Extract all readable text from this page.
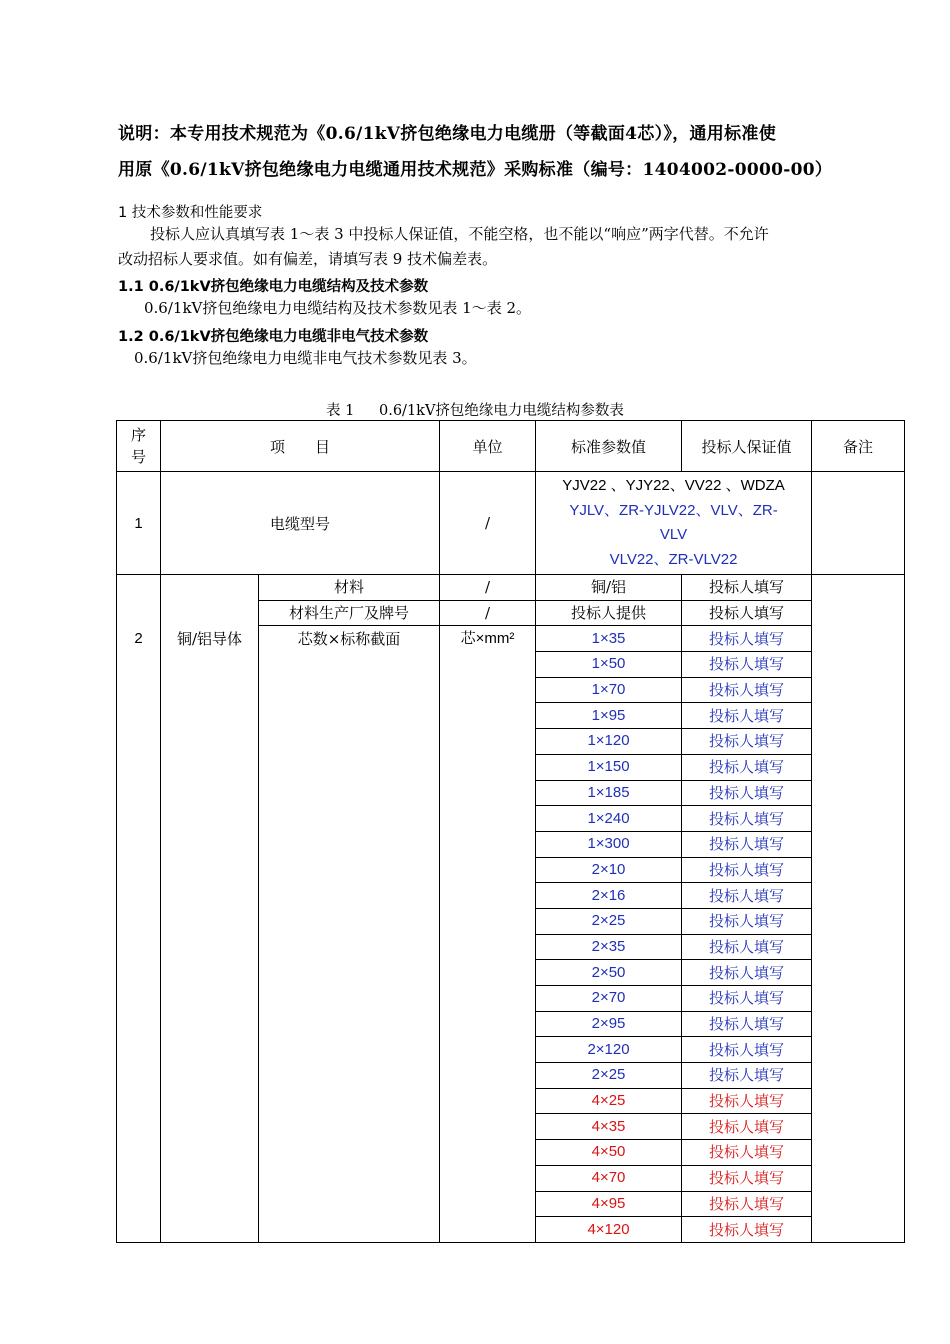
说明：本专用技术规范为《0.6/1kV挤包绝缘电力电缆册（等截面4芯）》，通用标准使
用原《0.6/1kV挤包绝缘电力电缆通用技术规范》采购标准（编号：1404002-0000-00）
1 技术参数和性能要求
投标人应认真填写表 1～表 3 中投标人保证值，不能空格，也不能以“响应”两字代替。不允许
改动招标人要求值。如有偏差，请填写表 9 技术偏差表。
1.1 0.6/1kV挤包绝缘电力电缆结构及技术参数
0.6/1kV挤包绝缘电力电缆结构及技术参数见表 1～表 2。
1.2 0.6/1kV挤包绝缘电力电缆非电气技术参数
0.6/1kV挤包绝缘电力电缆非电气技术参数见表 3。
表 1 0.6/1kV挤包绝缘电力电缆结构参数表
序号	项　　目		单位	标准参数值	投标人保证值	备注
1	电缆型号		/	YJV22 、YJY22、VV22 、WDZA
YJLV、ZR-YJLV22、VLV、ZR-
VLV
VLV22、ZR-VLV22		

2	铜/铝导体	材料	/	铜/铝	投标人填写	
		材料生产厂及牌号	/	投标人提供	投标人填写	
		芯数×标称截面	芯×mm²	1×35	投标人填写	
				1×50	投标人填写	
				1×70	投标人填写	
				1×95	投标人填写	
				1×120	投标人填写	
				1×150	投标人填写	
				1×185	投标人填写	
				1×240	投标人填写	
				1×300	投标人填写	
				2×10	投标人填写	
				2×16	投标人填写	
				2×25	投标人填写	
				2×35	投标人填写	
				2×50	投标人填写	
				2×70	投标人填写	
				2×95	投标人填写	
				2×120	投标人填写	
				2×25	投标人填写	
				4×25	投标人填写	
				4×35	投标人填写	
				4×50	投标人填写	
				4×70	投标人填写	
				4×95	投标人填写	
				4×120	投标人填写	
